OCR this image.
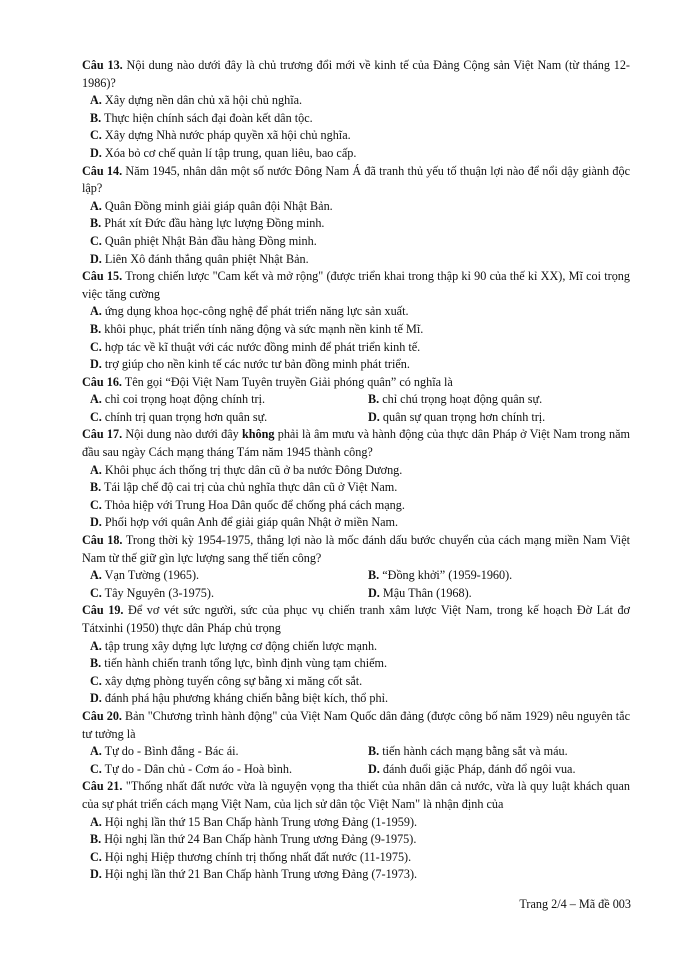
Câu 13. Nội dung nào dưới đây là chủ trương đổi mới về kinh tế của Đảng Cộng sản Việt Nam (từ tháng 12-1986)?
A. Xây dựng nền dân chủ xã hội chủ nghĩa.
B. Thực hiện chính sách đại đoàn kết dân tộc.
C. Xây dựng Nhà nước pháp quyền xã hội chủ nghĩa.
D. Xóa bỏ cơ chế quản lí tập trung, quan liêu, bao cấp.
Câu 14. Năm 1945, nhân dân một số nước Đông Nam Á đã tranh thủ yếu tố thuận lợi nào để nổi dậy giành độc lập?
A. Quân Đồng minh giải giáp quân đội Nhật Bản.
B. Phát xít Đức đầu hàng lực lượng Đồng minh.
C. Quân phiệt Nhật Bản đầu hàng Đồng minh.
D. Liên Xô đánh thắng quân phiệt Nhật Bản.
Câu 15. Trong chiến lược "Cam kết và mở rộng" (được triển khai trong thập kỉ 90 của thế kỉ XX), Mĩ coi trọng việc tăng cường
A. ứng dụng khoa học-công nghệ để phát triển năng lực sản xuất.
B. khôi phục, phát triển tính năng động và sức mạnh nền kinh tế Mĩ.
C. hợp tác về kĩ thuật với các nước đồng minh để phát triển kinh tế.
D. trợ giúp cho nền kinh tế các nước tư bản đồng minh phát triển.
Câu 16. Tên gọi “Đội Việt Nam Tuyên truyền Giải phóng quân” có nghĩa là
A. chỉ coi trọng hoạt động chính trị.	B. chỉ chú trọng hoạt động quân sự.
C. chính trị quan trọng hơn quân sự.	D. quân sự quan trọng hơn chính trị.
Câu 17. Nội dung nào dưới đây không phải là âm mưu và hành động của thực dân Pháp ở Việt Nam trong năm đầu sau ngày Cách mạng tháng Tám năm 1945 thành công?
A. Khôi phục ách thống trị thực dân cũ ở ba nước Đông Dương.
B. Tái lập chế độ cai trị của chủ nghĩa thực dân cũ ở Việt Nam.
C. Thỏa hiệp với Trung Hoa Dân quốc để chống phá cách mạng.
D. Phối hợp với quân Anh để giải giáp quân Nhật ở miền Nam.
Câu 18. Trong thời kỳ 1954-1975, thắng lợi nào là mốc đánh dấu bước chuyển của cách mạng miền Nam Việt Nam từ thế giữ gìn lực lượng sang thế tiến công?
A. Vạn Tường (1965).	B. “Đồng khởi” (1959-1960).
C. Tây Nguyên (3-1975).	D. Mậu Thân (1968).
Câu 19. Để vơ vét sức người, sức của phục vụ chiến tranh xâm lược Việt Nam, trong kế hoạch Đờ Lát đơ Tátxinhi (1950) thực dân Pháp chủ trọng
A. tập trung xây dựng lực lượng cơ động chiến lược mạnh.
B. tiến hành chiến tranh tổng lực, bình định vùng tạm chiếm.
C. xây dựng phòng tuyến công sự bằng xi măng cốt sắt.
D. đánh phá hậu phương kháng chiến bằng biệt kích, thổ phỉ.
Câu 20. Bản "Chương trình hành động" của Việt Nam Quốc dân đảng (được công bố năm 1929) nêu nguyên tắc tư tưởng là
A. Tự do - Bình đẳng - Bác ái.	B. tiến hành cách mạng bằng sắt và máu.
C. Tự do - Dân chủ - Cơm áo - Hoà bình.	D. đánh đuổi giặc Pháp, đánh đổ ngôi vua.
Câu 21. "Thống nhất đất nước vừa là nguyện vọng tha thiết của nhân dân cả nước, vừa là quy luật khách quan của sự phát triển cách mạng Việt Nam, của lịch sử dân tộc Việt Nam" là nhận định của
A. Hội nghị lần thứ 15 Ban Chấp hành Trung ương Đảng (1-1959).
B. Hội nghị lần thứ 24 Ban Chấp hành Trung ương Đảng (9-1975).
C. Hội nghị Hiệp thương chính trị thống nhất đất nước (11-1975).
D. Hội nghị lần thứ 21 Ban Chấp hành Trung ương Đảng (7-1973).
Trang 2/4 – Mã đề 003
